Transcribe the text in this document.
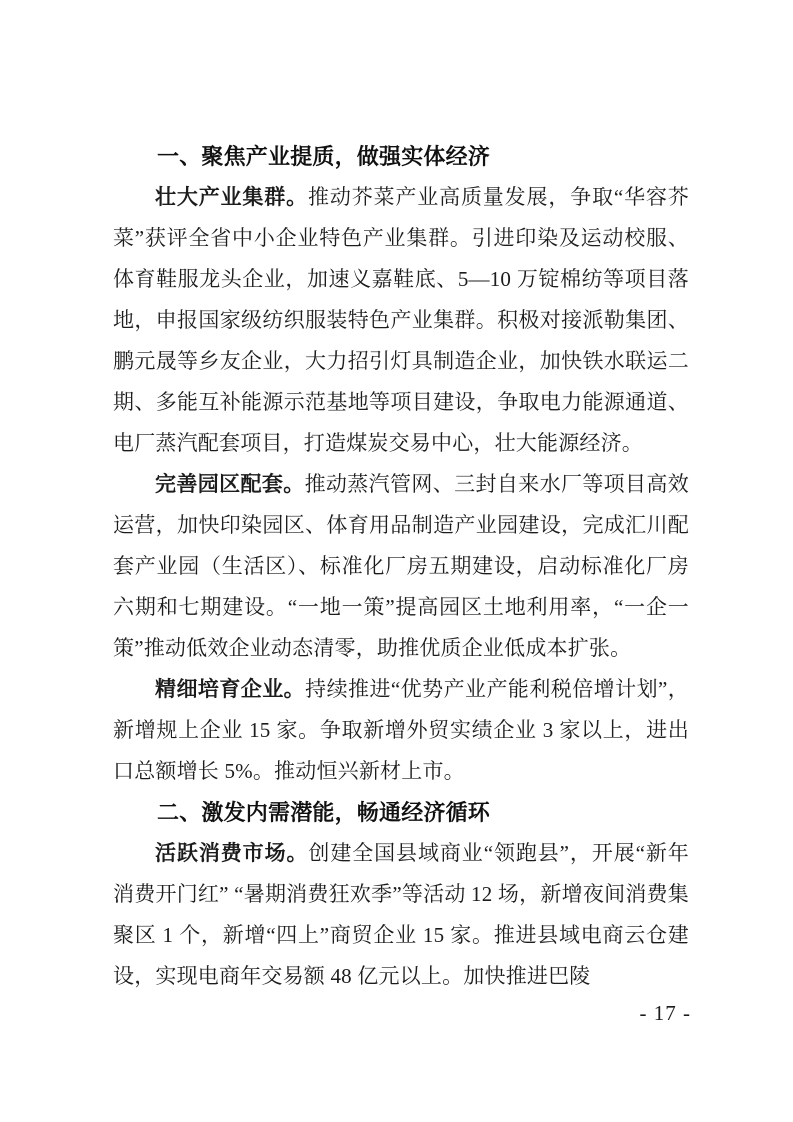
一、聚焦产业提质，做强实体经济

壮大产业集群。推动芥菜产业高质量发展，争取“华容芥菜”获评全省中小企业特色产业集群。引进印染及运动校服、体育鞋服龙头企业，加速义嘉鞋底、5—10 万锭棉纺等项目落地，申报国家级纺织服装特色产业集群。积极对接派勒集团、鹏元晟等乡友企业，大力招引灯具制造企业，加快铁水联运二期、多能互补能源示范基地等项目建设，争取电力能源通道、电厂蒸汽配套项目，打造煤炭交易中心，壮大能源经济。

完善园区配套。推动蒸汽管网、三封自来水厂等项目高效运营，加快印染园区、体育用品制造产业园建设，完成汇川配套产业园（生活区）、标准化厂房五期建设，启动标准化厂房六期和七期建设。“一地一策”提高园区土地利用率，“一企一策”推动低效企业动态清零，助推优质企业低成本扩张。

精细培育企业。持续推进“优势产业产能利税倍增计划”，新增规上企业 15 家。争取新增外贸实绩企业 3 家以上，进出口总额增长 5%。推动恒兴新材上市。

二、激发内需潜能，畅通经济循环

活跃消费市场。创建全国县域商业“领跑县”，开展“新年消费开门红” “暑期消费狂欢季”等活动 12 场，新增夜间消费集聚区 1 个，新增“四上”商贸企业 15 家。推进县域电商云仓建设，实现电商年交易额 48 亿元以上。加快推进巴陵

- 17 -
